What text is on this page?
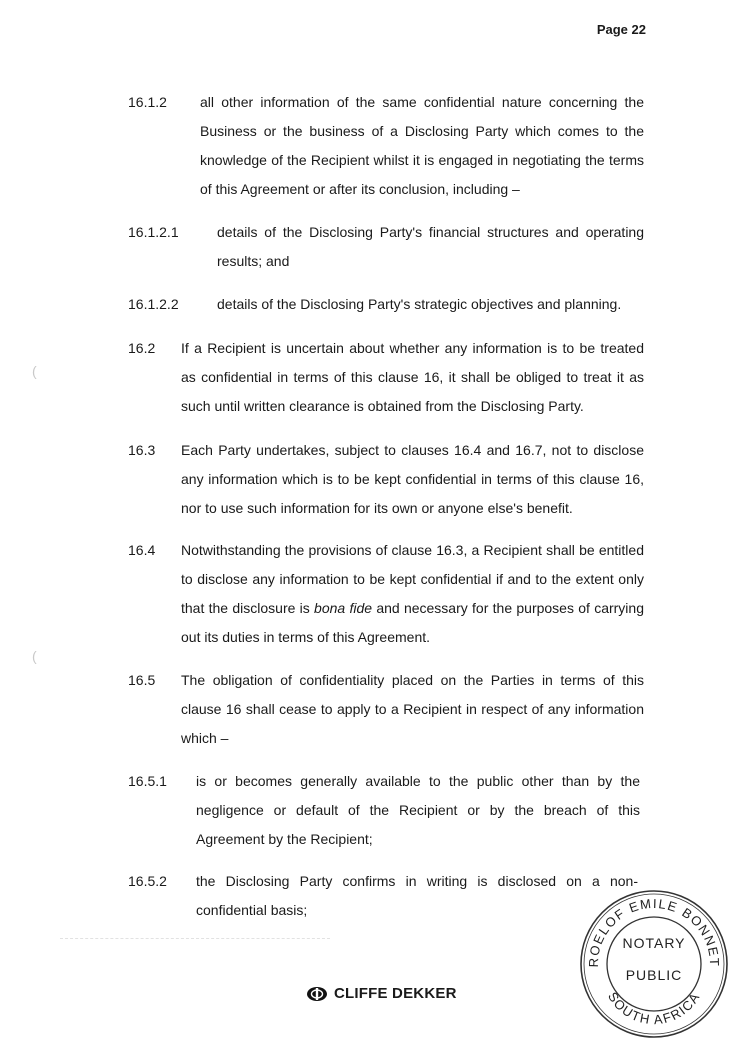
Page 22
16.1.2 all other information of the same confidential nature concerning the Business or the business of a Disclosing Party which comes to the knowledge of the Recipient whilst it is engaged in negotiating the terms of this Agreement or after its conclusion, including –
16.1.2.1	details of the Disclosing Party's financial structures and operating results; and
16.1.2.2	details of the Disclosing Party's strategic objectives and planning.
16.2 If a Recipient is uncertain about whether any information is to be treated as confidential in terms of this clause 16, it shall be obliged to treat it as such until written clearance is obtained from the Disclosing Party.
16.3 Each Party undertakes, subject to clauses 16.4 and 16.7, not to disclose any information which is to be kept confidential in terms of this clause 16, nor to use such information for its own or anyone else's benefit.
16.4 Notwithstanding the provisions of clause 16.3, a Recipient shall be entitled to disclose any information to be kept confidential if and to the extent only that the disclosure is bona fide and necessary for the purposes of carrying out its duties in terms of this Agreement.
16.5 The obligation of confidentiality placed on the Parties in terms of this clause 16 shall cease to apply to a Recipient in respect of any information which –
16.5.1 is or becomes generally available to the public other than by the negligence or default of the Recipient or by the breach of this Agreement by the Recipient;
16.5.2 the Disclosing Party confirms in writing is disclosed on a non-confidential basis;
(
(
CLIFFE DEKKER
ROELOF EMILE BONNET
SOUTH AFRICA
NOTARY
PUBLIC
